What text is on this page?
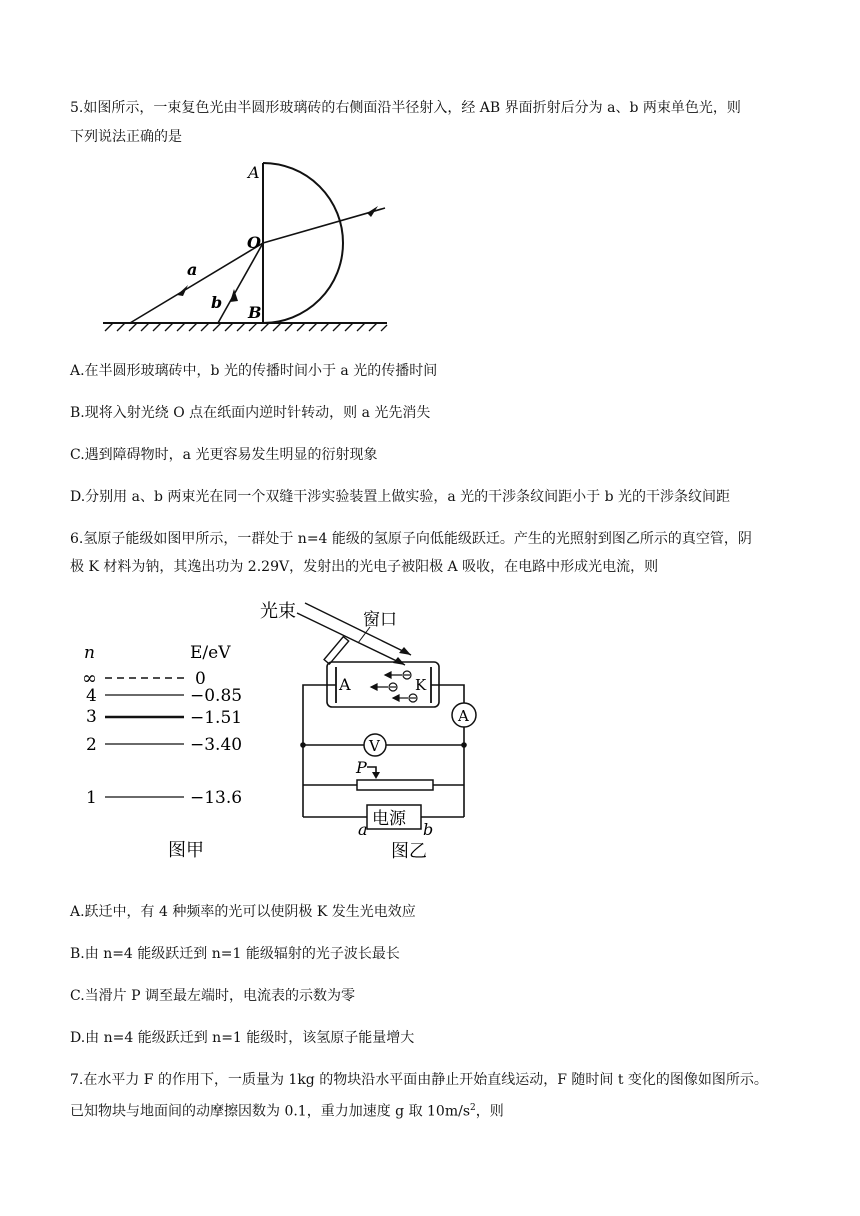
5.如图所示，一束复色光由半圆形玻璃砖的右侧面沿半径射入，经 AB 界面折射后分为 a、b 两束单色光，则
下列说法正确的是
A
O
B
a
b
A.在半圆形玻璃砖中，b 光的传播时间小于 a 光的传播时间
B.现将入射光绕 O 点在纸面内逆时针转动，则 a 光先消失
C.遇到障碍物时，a 光更容易发生明显的衍射现象
D.分别用 a、b 两束光在同一个双缝干涉实验装置上做实验，a 光的干涉条纹间距小于 b 光的干涉条纹间距
6.氢原子能级如图甲所示，一群处于 n=4 能级的氢原子向低能级跃迁。产生的光照射到图乙所示的真空管，阴
极 K 材料为钠，其逸出功为 2.29V，发射出的光电子被阳极 A 吸收，在电路中形成光电流，则
n	E/eV
∞	0
4	−0.85
3	−1.51
2	−3.40
1	−13.6
图甲
光束	窗口
A	K
A
V
P
电源
a	b
图乙
A.跃迁中，有 4 种频率的光可以使阴极 K 发生光电效应
B.由 n=4 能级跃迁到 n=1 能级辐射的光子波长最长
C.当滑片 P 调至最左端时，电流表的示数为零
D.由 n=4 能级跃迁到 n=1 能级时，该氢原子能量增大
7.在水平力 F 的作用下，一质量为 1kg 的物块沿水平面由静止开始直线运动，F 随时间 t 变化的图像如图所示。
已知物块与地面间的动摩擦因数为 0.1，重力加速度 g 取 $10m/s^2$，则
